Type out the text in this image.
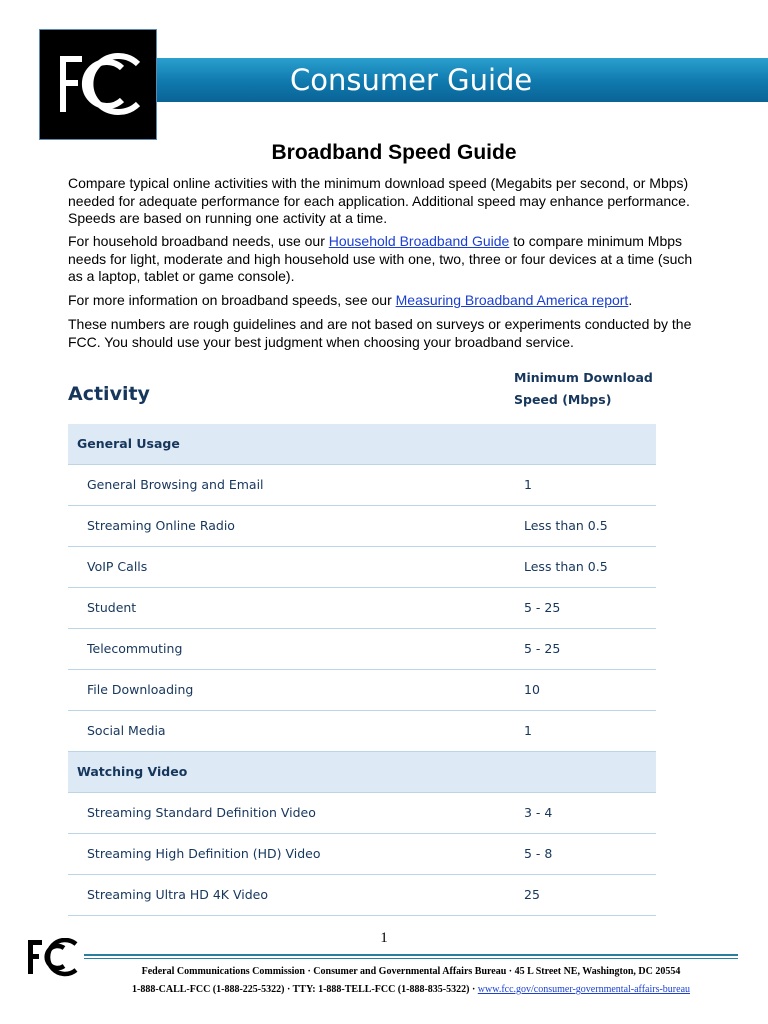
Consumer Guide
Broadband Speed Guide
Compare typical online activities with the minimum download speed (Megabits per second, or Mbps) needed for adequate performance for each application. Additional speed may enhance performance. Speeds are based on running one activity at a time.
For household broadband needs, use our Household Broadband Guide to compare minimum Mbps needs for light, moderate and high household use with one, two, three or four devices at a time (such as a laptop, tablet or game console).
For more information on broadband speeds, see our Measuring Broadband America report.
These numbers are rough guidelines and are not based on surveys or experiments conducted by the FCC. You should use your best judgment when choosing your broadband service.
Activity
Minimum Download
Speed (Mbps)
General Usage
General Browsing and Email	1
Streaming Online Radio	Less than 0.5
VoIP Calls	Less than 0.5
Student	5 - 25
Telecommuting	5 - 25
File Downloading	10
Social Media	1
Watching Video
Streaming Standard Definition Video	3 - 4
Streaming High Definition (HD) Video	5 - 8
Streaming Ultra HD 4K Video	25
1
Federal Communications Commission · Consumer and Governmental Affairs Bureau · 45 L Street NE, Washington, DC 20554
1-888-CALL-FCC (1-888-225-5322) · TTY: 1-888-TELL-FCC (1-888-835-5322) · www.fcc.gov/consumer-governmental-affairs-bureau
